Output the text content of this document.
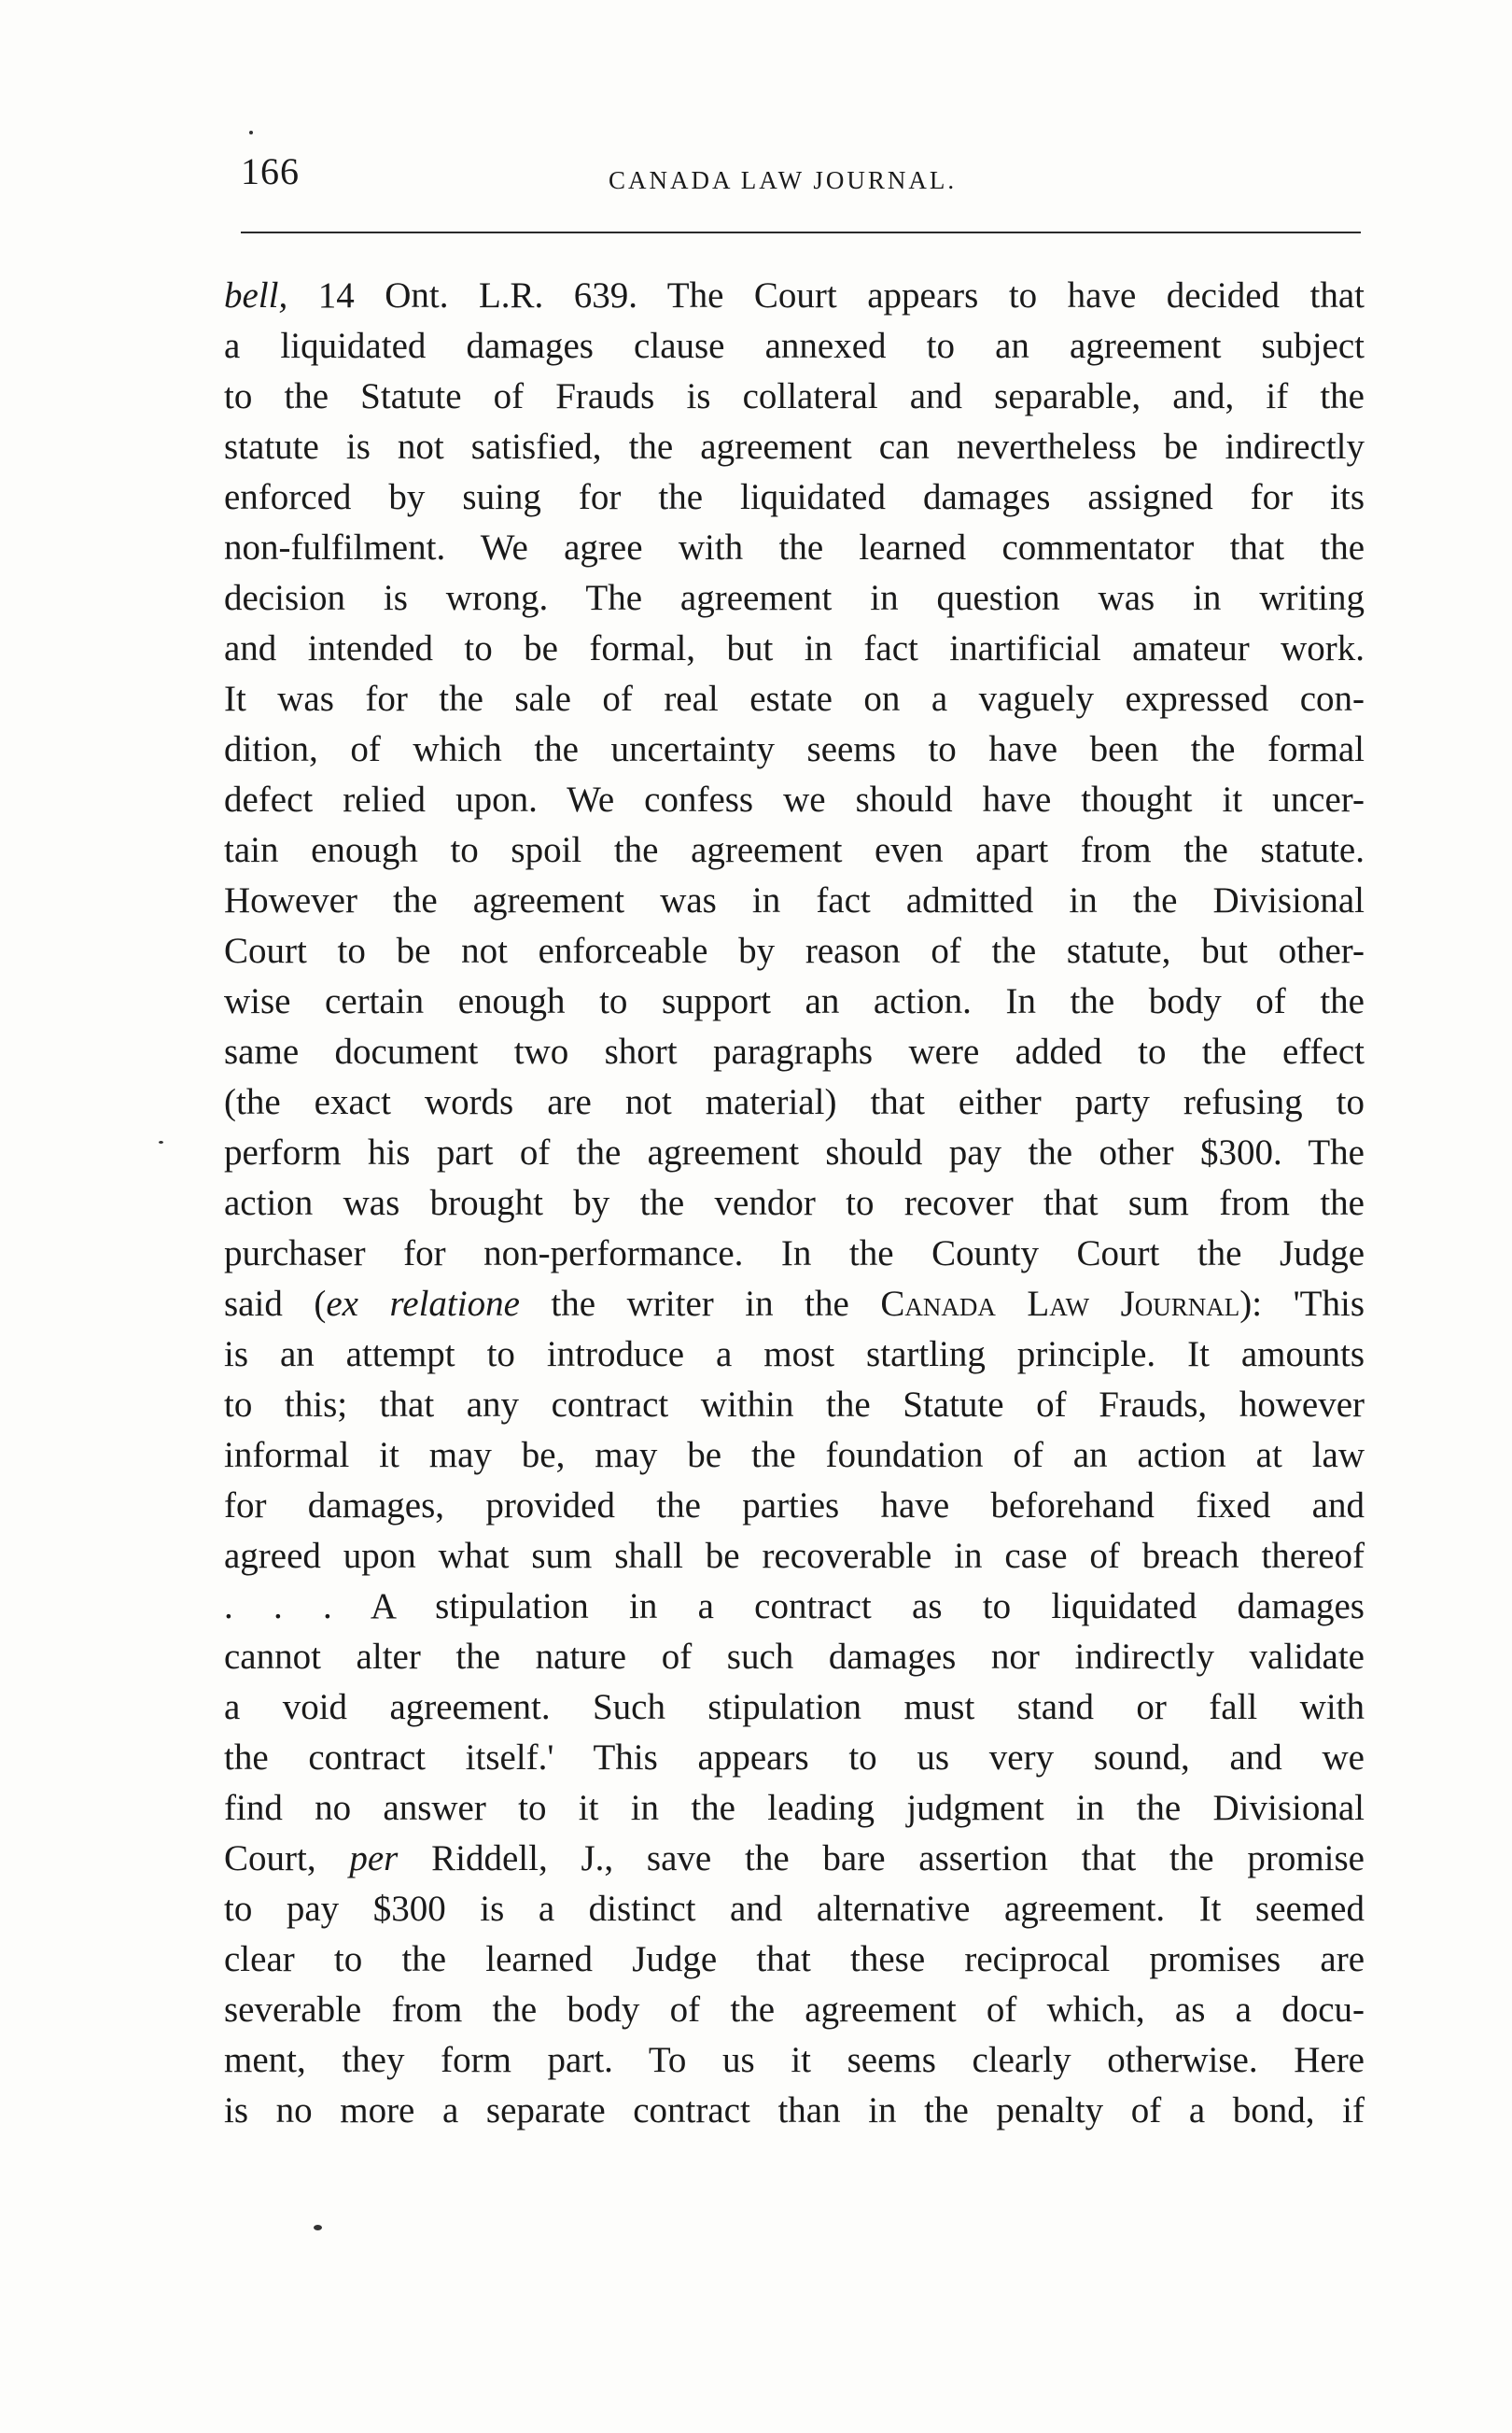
166	CANADA LAW JOURNAL.
bell, 14 Ont. L.R. 639. The Court appears to have decided that
a liquidated damages clause annexed to an agreement subject
to the Statute of Frauds is collateral and separable, and, if the
statute is not satisfied, the agreement can nevertheless be indirectly
enforced by suing for the liquidated damages assigned for its
non-fulfilment. We agree with the learned commentator that the
decision is wrong. The agreement in question was in writing
and intended to be formal, but in fact inartificial amateur work.
It was for the sale of real estate on a vaguely expressed con-
dition, of which the uncertainty seems to have been the formal
defect relied upon. We confess we should have thought it uncer-
tain enough to spoil the agreement even apart from the statute.
However the agreement was in fact admitted in the Divisional
Court to be not enforceable by reason of the statute, but other-
wise certain enough to support an action. In the body of the
same document two short paragraphs were added to the effect
(the exact words are not material) that either party refusing to
perform his part of the agreement should pay the other $300. The
action was brought by the vendor to recover that sum from the
purchaser for non-performance. In the County Court the Judge
said (ex relatione the writer in the Canada Law Journal): 'This
is an attempt to introduce a most startling principle. It amounts
to this; that any contract within the Statute of Frauds, however
informal it may be, may be the foundation of an action at law
for damages, provided the parties have beforehand fixed and
agreed upon what sum shall be recoverable in case of breach thereof
. . . A stipulation in a contract as to liquidated damages
cannot alter the nature of such damages nor indirectly validate
a void agreement. Such stipulation must stand or fall with
the contract itself.' This appears to us very sound, and we
find no answer to it in the leading judgment in the Divisional
Court, per Riddell, J., save the bare assertion that the promise
to pay $300 is a distinct and alternative agreement. It seemed
clear to the learned Judge that these reciprocal promises are
severable from the body of the agreement of which, as a docu-
ment, they form part. To us it seems clearly otherwise. Here
is no more a separate contract than in the penalty of a bond, if
